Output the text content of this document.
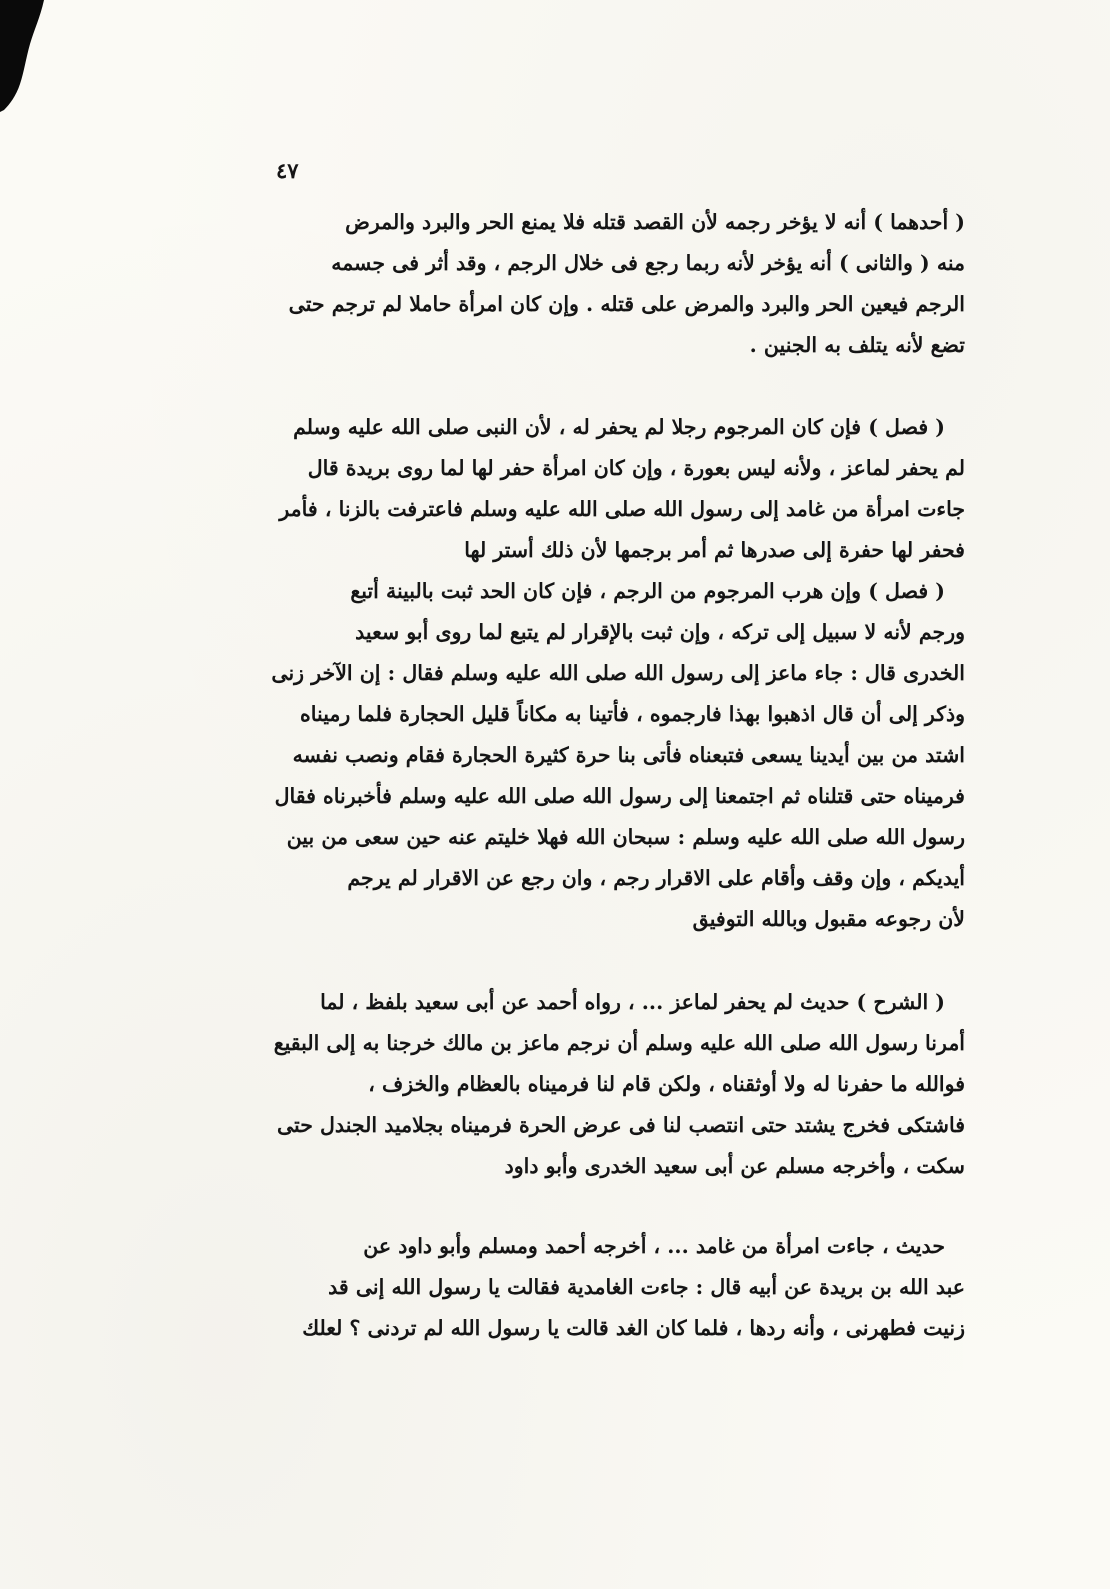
٤٧
( أحدهما ) أنه لا يؤخر رجمه لأن القصد قتله فلا يمنع الحر والبرد والمرض
منه ( والثانى ) أنه يؤخر لأنه ربما رجع فى خلال الرجم ، وقد أثر فى جسمه
الرجم فيعين الحر والبرد والمرض على قتله . وإن كان امرأة حاملا لم ترجم حتى
تضع لأنه يتلف به الجنين .
( فصل ) فإن كان المرجوم رجلا لم يحفر له ، لأن النبى صلى الله عليه وسلم
لم يحفر لماعز ، ولأنه ليس بعورة ، وإن كان امرأة حفر لها لما روى بريدة قال
جاءت امرأة من غامد إلى رسول الله صلى الله عليه وسلم فاعترفت بالزنا ، فأمر
فحفر لها حفرة إلى صدرها ثم أمر برجمها لأن ذلك أستر لها
( فصل ) وإن هرب المرجوم من الرجم ، فإن كان الحد ثبت بالبينة أتبع
ورجم لأنه لا سبيل إلى تركه ، وإن ثبت بالإقرار لم يتبع لما روى أبو سعيد
الخدرى قال : جاء ماعز إلى رسول الله صلى الله عليه وسلم فقال : إن الآخر زنى
وذكر إلى أن قال اذهبوا بهذا فارجموه ، فأتينا به مكاناً قليل الحجارة فلما رميناه
اشتد من بين أيدينا يسعى فتبعناه فأتى بنا حرة كثيرة الحجارة فقام ونصب نفسه
فرميناه حتى قتلناه ثم اجتمعنا إلى رسول الله صلى الله عليه وسلم فأخبرناه فقال
رسول الله صلى الله عليه وسلم : سبحان الله فهلا خليتم عنه حين سعى من بين
أيديكم ، وإن وقف وأقام على الاقرار رجم ، وان رجع عن الاقرار لم يرجم
لأن رجوعه مقبول وبالله التوفيق
( الشرح ) حديث لم يحفر لماعز ... ، رواه أحمد عن أبى سعيد بلفظ ، لما
أمرنا رسول الله صلى الله عليه وسلم أن نرجم ماعز بن مالك خرجنا به إلى البقيع
فوالله ما حفرنا له ولا أوثقناه ، ولكن قام لنا فرميناه بالعظام والخزف ،
فاشتكى فخرج يشتد حتى انتصب لنا فى عرض الحرة فرميناه بجلاميد الجندل حتى
سكت ، وأخرجه مسلم عن أبى سعيد الخدرى وأبو داود
حديث ، جاءت امرأة من غامد ... ، أخرجه أحمد ومسلم وأبو داود عن
عبد الله بن بريدة عن أبيه قال : جاءت الغامدية فقالت يا رسول الله إنى قد
زنيت فطهرنى ، وأنه ردها ، فلما كان الغد قالت يا رسول الله لم تردنى ؟ لعلك
